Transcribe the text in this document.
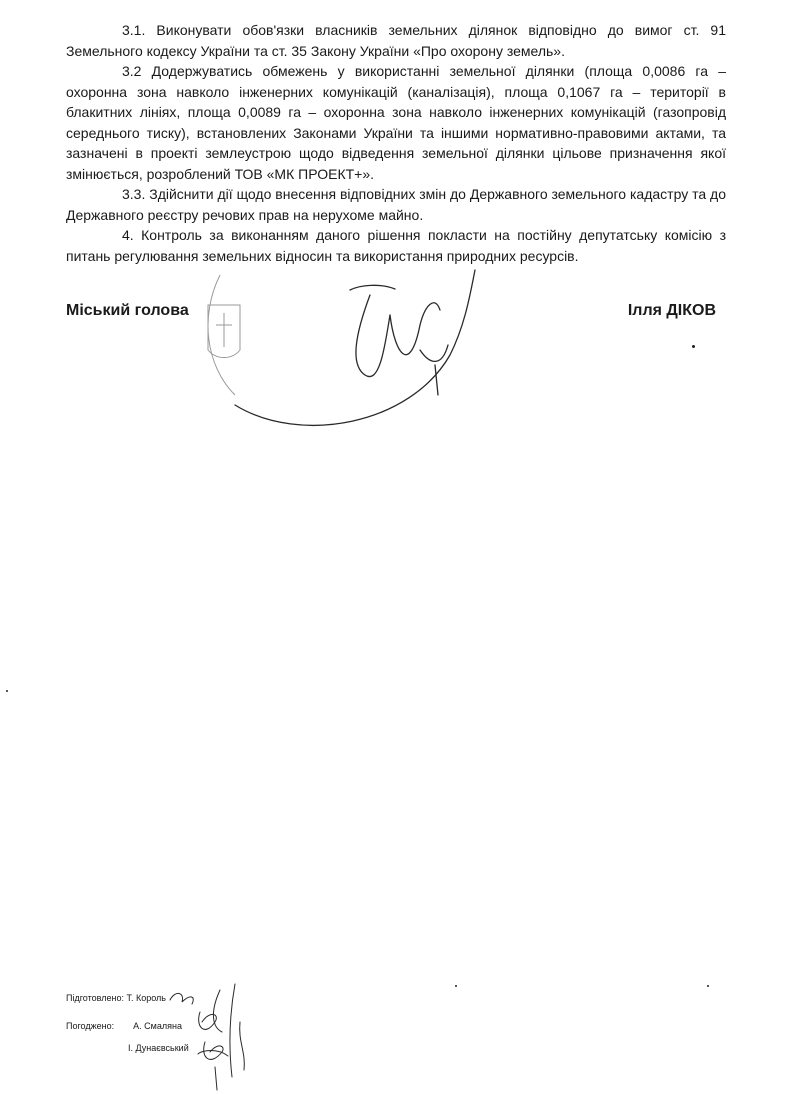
3.1. Виконувати обов'язки власників земельних ділянок відповідно до вимог ст. 91 Земельного кодексу України та ст. 35 Закону України «Про охорону земель».

3.2 Додержуватись обмежень у використанні земельної ділянки (площа 0,0086 га – охоронна зона навколо інженерних комунікацій (каналізація), площа 0,1067 га – території в блакитних лініях, площа 0,0089 га – охоронна зона навколо інженерних комунікацій (газопровід середнього тиску), встановлених Законами України та іншими нормативно-правовими актами, та зазначені в проекті землеустрою щодо відведення земельної ділянки цільове призначення якої змінюється, розроблений ТОВ «МК ПРОЕКТ+».

3.3. Здійснити дії щодо внесення відповідних змін до Державного земельного кадастру та до Державного реєстру речових прав на нерухоме майно.

4. Контроль за виконанням даного рішення покласти на постійну депутатську комісію з питань регулювання земельних відносин та використання природних ресурсів.

Міський голова	Ілля ДІКОВ
Підготовлено: Т. Король
Погоджено: А. Смаляна
І. Дунаєвський
